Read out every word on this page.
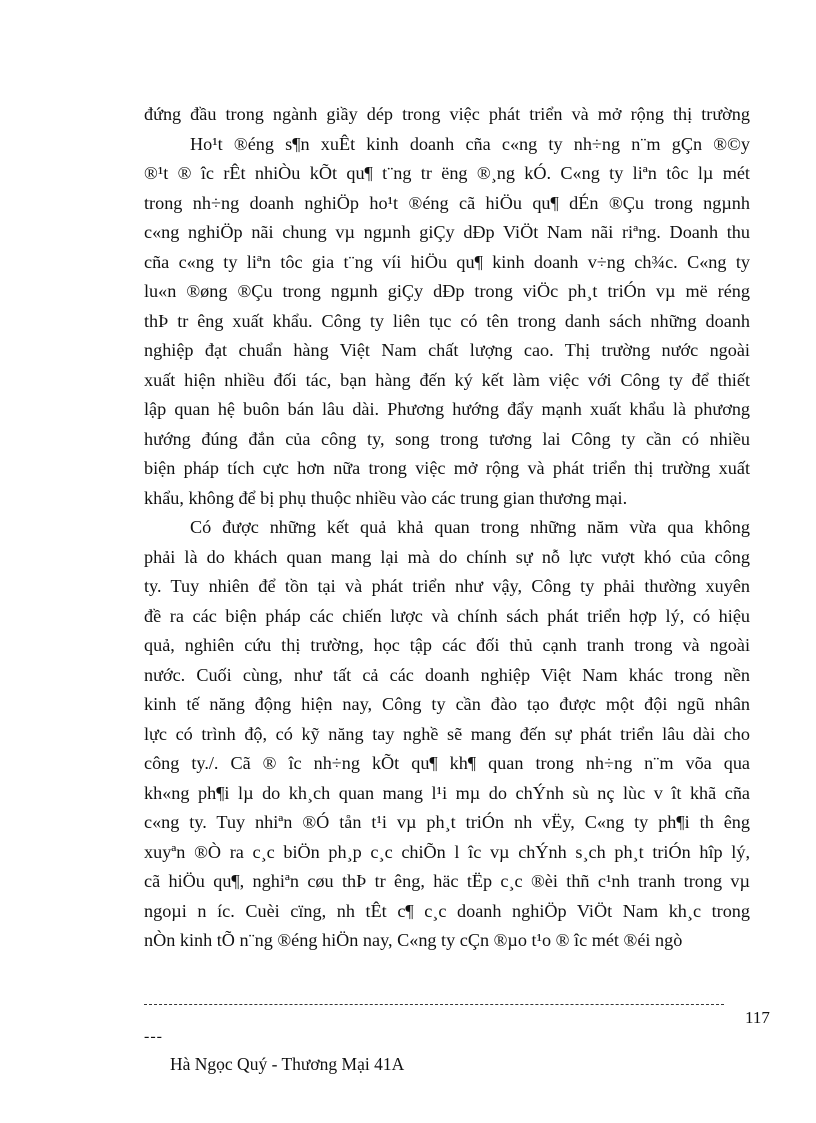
đứng đầu trong ngành giầy dép trong việc phát triển và mở rộng thị trường
Ho¹t ®éng s¶n xuÊt kinh doanh cña c«ng ty nh÷ng n¨m gÇn ®©y
®¹t ® îc rÊt nhiÒu kÕt qu¶ t¨ng tr ëng ®¸ng kÓ. C«ng ty liªn tôc lµ mét
trong nh÷ng doanh nghiÖp ho¹t ®éng cã hiÖu qu¶ dÉn ®Çu trong ngµnh
c«ng nghiÖp nãi chung vµ ngµnh giÇy dÐp ViÖt Nam nãi riªng. Doanh thu
cña c«ng ty liªn tôc gia t¨ng víi hiÖu qu¶ kinh doanh v÷ng ch¾c. C«ng ty
lu«n ®øng ®Çu trong ngµnh giÇy dÐp trong viÖc ph¸t triÓn vµ më réng
thÞ tr êng xuất khẩu. Công ty liên tục có tên trong danh sách những doanh
nghiệp đạt chuẩn hàng Việt Nam chất lượng cao. Thị trường nước ngoài
xuất hiện nhiều đối tác, bạn hàng đến ký kết làm việc với Công ty để thiết
lập quan hệ buôn bán lâu dài. Phương hướng đẩy mạnh xuất khẩu là phương
hướng đúng đắn của công ty, song trong tương lai Công ty cần có nhiều
biện pháp tích cực hơn nữa trong việc mở rộng và phát triển thị trường xuất
khẩu, không để bị phụ thuộc nhiều vào các trung gian thương mại.
Có được những kết quả khả quan trong những năm vừa qua không
phải là do khách quan mang lại mà do chính sự nỗ lực vượt khó của công
ty. Tuy nhiên để tồn tại và phát triển như vậy, Công ty phải thường xuyên
đề ra các biện pháp các chiến lược và chính sách phát triển hợp lý, có hiệu
quả, nghiên cứu thị trường, học tập các đối thủ cạnh tranh trong và ngoài
nước. Cuối cùng, như tất cả các doanh nghiệp Việt Nam khác trong nền
kinh tế năng động hiện nay, Công ty cần đào tạo được một đội ngũ nhân
lực có trình độ, có kỹ năng tay nghề sẽ mang đến sự phát triển lâu dài cho
công ty./. Cã ® îc nh÷ng kÕt qu¶ kh¶ quan trong nh÷ng n¨m võa qua
kh«ng ph¶i lµ do kh¸ch quan mang l¹i mµ do chÝnh sù nç lùc v ît khã cña
c«ng ty. Tuy nhiªn ®Ó tån t¹i vµ ph¸t triÓn nh vËy, C«ng ty ph¶i th êng
xuyªn ®Ò ra c¸c biÖn ph¸p c¸c chiÕn l îc vµ chÝnh s¸ch ph¸t triÓn hîp lý,
cã hiÖu qu¶, nghiªn cøu thÞ tr êng, häc tËp c¸c ®èi thñ c¹nh tranh trong vµ
ngoµi n íc. Cuèi cïng, nh tÊt c¶ c¸c doanh nghiÖp ViÖt Nam kh¸c trong
nÒn kinh tÕ n¨ng ®éng hiÖn nay, C«ng ty cÇn ®µo t¹o ® îc mét ®éi ngò
---
117
Hà Ngọc Quý - Thương Mại 41A
